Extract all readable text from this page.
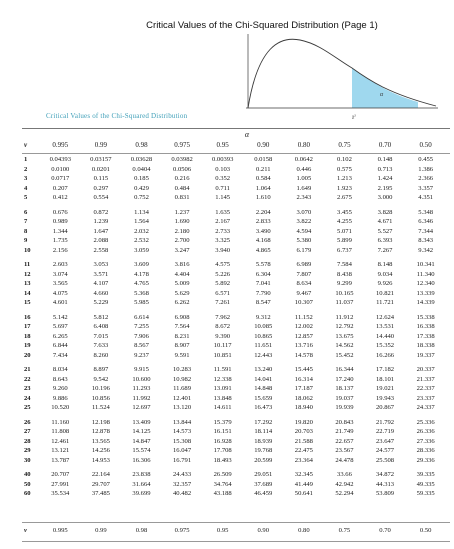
Critical Values of the Chi-Squared Distribution (Page 1)
α
χ²
Critical Values of the Chi-Squared Distribution
α
ν	0.995	0.99	0.98	0.975	0.95	0.90	0.80	0.75	0.70	0.50
1	0.04393	0.03157	0.03628	0.03982	0.00393	0.0158	0.0642	0.102	0.148	0.455
2	0.0100	0.0201	0.0404	0.0506	0.103	0.211	0.446	0.575	0.713	1.386
3	0.0717	0.115	0.185	0.216	0.352	0.584	1.005	1.213	1.424	2.366
4	0.207	0.297	0.429	0.484	0.711	1.064	1.649	1.923	2.195	3.357
5	0.412	0.554	0.752	0.831	1.145	1.610	2.343	2.675	3.000	4.351

6	0.676	0.872	1.134	1.237	1.635	2.204	3.070	3.455	3.828	5.348
7	0.989	1.239	1.564	1.690	2.167	2.833	3.822	4.255	4.671	6.346
8	1.344	1.647	2.032	2.180	2.733	3.490	4.594	5.071	5.527	7.344
9	1.735	2.088	2.532	2.700	3.325	4.168	5.380	5.899	6.393	8.343
10	2.156	2.558	3.059	3.247	3.940	4.865	6.179	6.737	7.267	9.342

11	2.603	3.053	3.609	3.816	4.575	5.578	6.989	7.584	8.148	10.341
12	3.074	3.571	4.178	4.404	5.226	6.304	7.807	8.438	9.034	11.340
13	3.565	4.107	4.765	5.009	5.892	7.041	8.634	9.299	9.926	12.340
14	4.075	4.660	5.368	5.629	6.571	7.790	9.467	10.165	10.821	13.339
15	4.601	5.229	5.985	6.262	7.261	8.547	10.307	11.037	11.721	14.339

16	5.142	5.812	6.614	6.908	7.962	9.312	11.152	11.912	12.624	15.338
17	5.697	6.408	7.255	7.564	8.672	10.085	12.002	12.792	13.531	16.338
18	6.265	7.015	7.906	8.231	9.390	10.865	12.857	13.675	14.440	17.338
19	6.844	7.633	8.567	8.907	10.117	11.651	13.716	14.562	15.352	18.338
20	7.434	8.260	9.237	9.591	10.851	12.443	14.578	15.452	16.266	19.337

21	8.034	8.897	9.915	10.283	11.591	13.240	15.445	16.344	17.182	20.337
22	8.643	9.542	10.600	10.982	12.338	14.041	16.314	17.240	18.101	21.337
23	9.260	10.196	11.293	11.689	13.091	14.848	17.187	18.137	19.021	22.337
24	9.886	10.856	11.992	12.401	13.848	15.659	18.062	19.037	19.943	23.337
25	10.520	11.524	12.697	13.120	14.611	16.473	18.940	19.939	20.867	24.337

26	11.160	12.198	13.409	13.844	15.379	17.292	19.820	20.843	21.792	25.336
27	11.808	12.878	14.125	14.573	16.151	18.114	20.703	21.749	22.719	26.336
28	12.461	13.565	14.847	15.308	16.928	18.939	21.588	22.657	23.647	27.336
29	13.121	14.256	15.574	16.047	17.708	19.768	22.475	23.567	24.577	28.336
30	13.787	14.953	16.306	16.791	18.493	20.599	23.364	24.478	25.508	29.336

40	20.707	22.164	23.838	24.433	26.509	29.051	32.345	33.66	34.872	39.335
50	27.991	29.707	31.664	32.357	34.764	37.689	41.449	42.942	44.313	49.335
60	35.534	37.485	39.699	40.482	43.188	46.459	50.641	52.294	53.809	59.335
ν	0.995	0.99	0.98	0.975	0.95	0.90	0.80	0.75	0.70	0.50
